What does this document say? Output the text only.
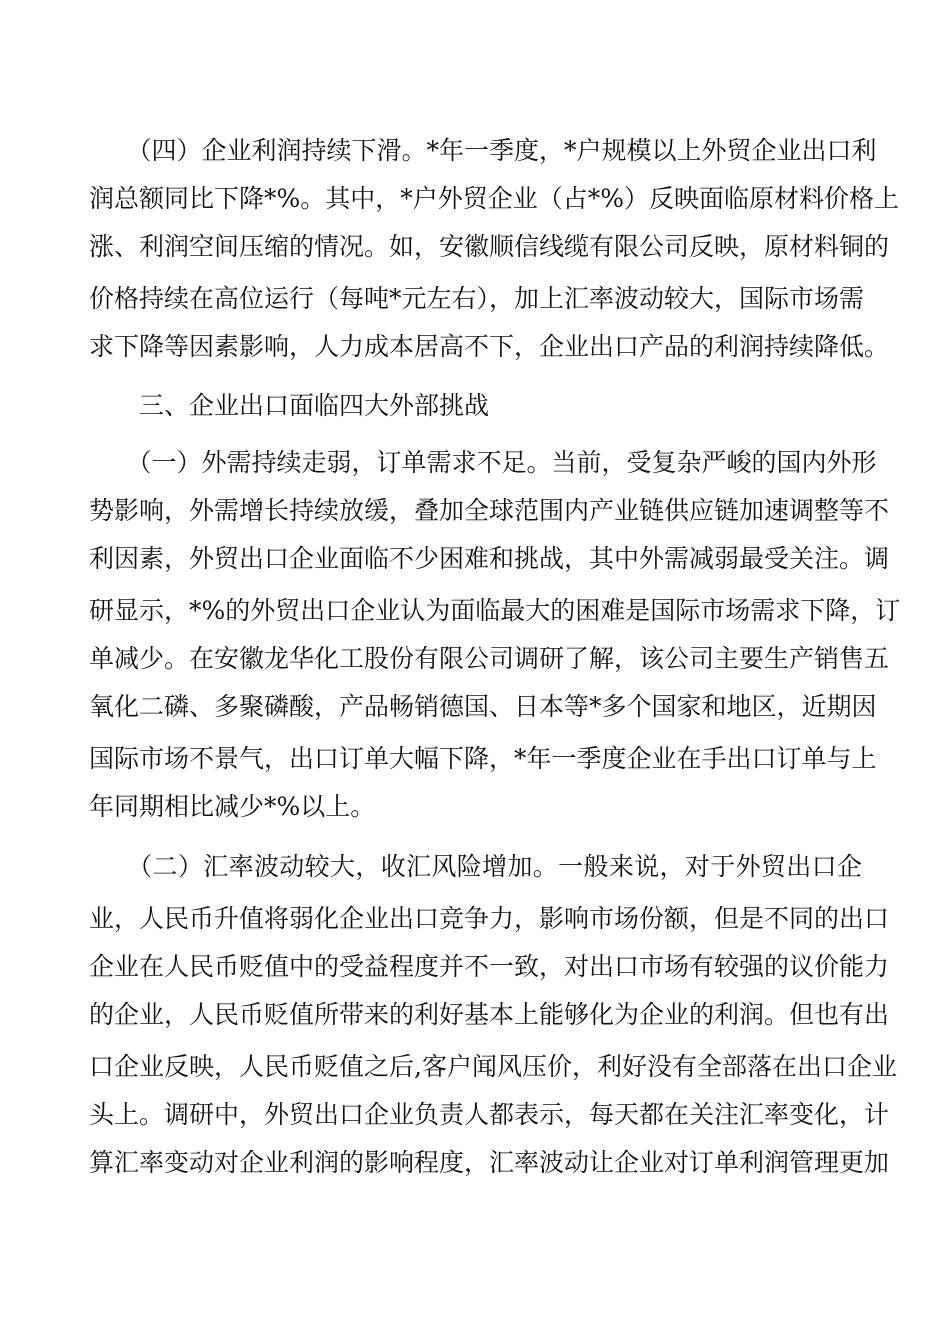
　　（四）企业利润持续下滑。*年一季度，*户规模以上外贸企业出口利
润总额同比下降*%。其中，*户外贸企业（占*%）反映面临原材料价格上
涨、利润空间压缩的情况。如，安徽顺信线缆有限公司反映，原材料铜的
价格持续在高位运行（每吨*元左右），加上汇率波动较大，国际市场需
求下降等因素影响，人力成本居高不下，企业出口产品的利润持续降低。
　　三、企业出口面临四大外部挑战
　　（一）外需持续走弱，订单需求不足。当前，受复杂严峻的国内外形
势影响，外需增长持续放缓，叠加全球范围内产业链供应链加速调整等不
利因素，外贸出口企业面临不少困难和挑战，其中外需减弱最受关注。调
研显示，*%的外贸出口企业认为面临最大的困难是国际市场需求下降，订
单减少。在安徽龙华化工股份有限公司调研了解，该公司主要生产销售五
氧化二磷、多聚磷酸，产品畅销德国、日本等*多个国家和地区，近期因
国际市场不景气，出口订单大幅下降，*年一季度企业在手出口订单与上
年同期相比减少*%以上。
　　（二）汇率波动较大，收汇风险增加。一般来说，对于外贸出口企
业，人民币升值将弱化企业出口竞争力，影响市场份额，但是不同的出口
企业在人民币贬值中的受益程度并不一致，对出口市场有较强的议价能力
的企业，人民币贬值所带来的利好基本上能够化为企业的利润。但也有出
口企业反映，人民币贬值之后,客户闻风压价，利好没有全部落在出口企业
头上。调研中，外贸出口企业负责人都表示，每天都在关注汇率变化，计
算汇率变动对企业利润的影响程度，汇率波动让企业对订单利润管理更加
